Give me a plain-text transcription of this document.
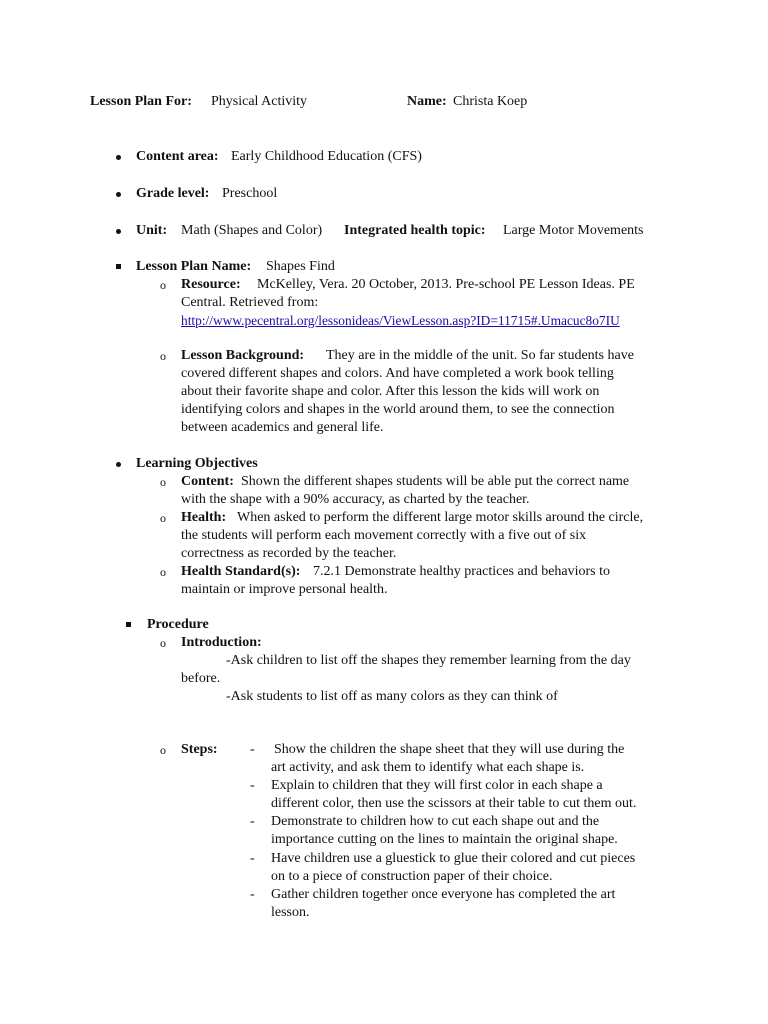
Lesson Plan For: Physical Activity	Name: Christa Koep
Content area: Early Childhood Education (CFS)
Grade level: Preschool
Unit: Math (Shapes and Color) Integrated health topic: Large Motor Movements
Lesson Plan Name: Shapes Find
o Resource: McKelley, Vera. 20 October, 2013. Pre-school PE Lesson Ideas. PE
Central. Retrieved from:
http://www.pecentral.org/lessonideas/ViewLesson.asp?ID=11715#.Umacuc8o7IU
o Lesson Background: They are in the middle of the unit. So far students have
covered different shapes and colors. And have completed a work book telling
about their favorite shape and color. After this lesson the kids will work on
identifying colors and shapes in the world around them, to see the connection
between academics and general life.
Learning Objectives
o Content: Shown the different shapes students will be able put the correct name
with the shape with a 90% accuracy, as charted by the teacher.
o Health: When asked to perform the different large motor skills around the circle,
the students will perform each movement correctly with a five out of six
correctness as recorded by the teacher.
o Health Standard(s): 7.2.1 Demonstrate healthy practices and behaviors to
maintain or improve personal health.
Procedure
o Introduction:
-Ask children to list off the shapes they remember learning from the day
before.
-Ask students to list off as many colors as they can think of
o Steps: - Show the children the shape sheet that they will use during the
art activity, and ask them to identify what each shape is.
- Explain to children that they will first color in each shape a
different color, then use the scissors at their table to cut them out.
- Demonstrate to children how to cut each shape out and the
importance cutting on the lines to maintain the original shape.
- Have children use a gluestick to glue their colored and cut pieces
on to a piece of construction paper of their choice.
- Gather children together once everyone has completed the art
lesson.
